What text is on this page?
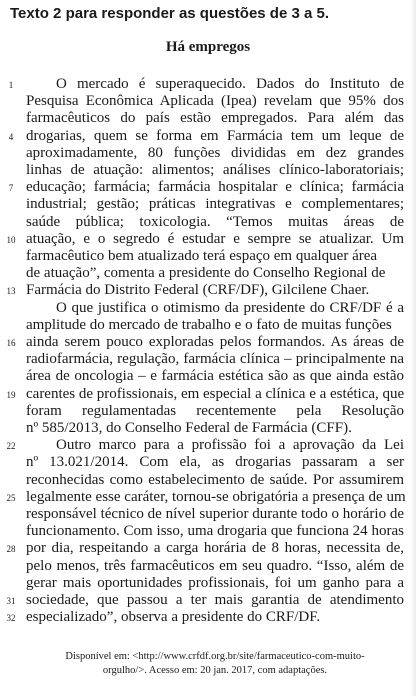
Texto 2 para responder as questões de 3 a 5.
Há empregos
O mercado é superaquecido. Dados do Instituto de
Pesquisa Econômica Aplicada (Ipea) revelam que 95% dos
farmacêuticos do país estão empregados. Para além das
drogarias, quem se forma em Farmácia tem um leque de
aproximadamente, 80 funções divididas em dez grandes
linhas de atuação: alimentos; análises clínico-laboratoriais;
educação; farmácia; farmácia hospitalar e clínica; farmácia
industrial; gestão; práticas integrativas e complementares;
saúde pública; toxicologia. “Temos muitas áreas de
atuação, e o segredo é estudar e sempre se atualizar. Um
farmacêutico bem atualizado terá espaço em qualquer área
de atuação”, comenta a presidente do Conselho Regional de
Farmácia do Distrito Federal (CRF/DF), Gilcilene Chaer.
O que justifica o otimismo da presidente do CRF/DF é a
amplitude do mercado de trabalho e o fato de muitas funções
ainda serem pouco exploradas pelos formandos. As áreas de
radiofarmácia, regulação, farmácia clínica – principalmente na
área de oncologia – e farmácia estética são as que ainda estão
carentes de profissionais, em especial a clínica e a estética, que
foram regulamentadas recentemente pela Resolução
nº 585/2013, do Conselho Federal de Farmácia (CFF).
Outro marco para a profissão foi a aprovação da Lei
nº 13.021/2014. Com ela, as drogarias passaram a ser
reconhecidas como estabelecimento de saúde. Por assumirem
legalmente esse caráter, tornou-se obrigatória a presença de um
responsável técnico de nível superior durante todo o horário de
funcionamento. Com isso, uma drogaria que funciona 24 horas
por dia, respeitando a carga horária de 8 horas, necessita de,
pelo menos, três farmacêuticos em seu quadro. “Isso, além de
gerar mais oportunidades profissionais, foi um ganho para a
sociedade, que passou a ter mais garantia de atendimento
especializado”, observa a presidente do CRF/DF.
1
4
7
10
13
16
19
22
25
28
31
32
Disponível em: <http://www.crfdf.org.br/site/farmaceutico-com-muito-
orgulho/>. Acesso em: 20 jan. 2017, com adaptações.
